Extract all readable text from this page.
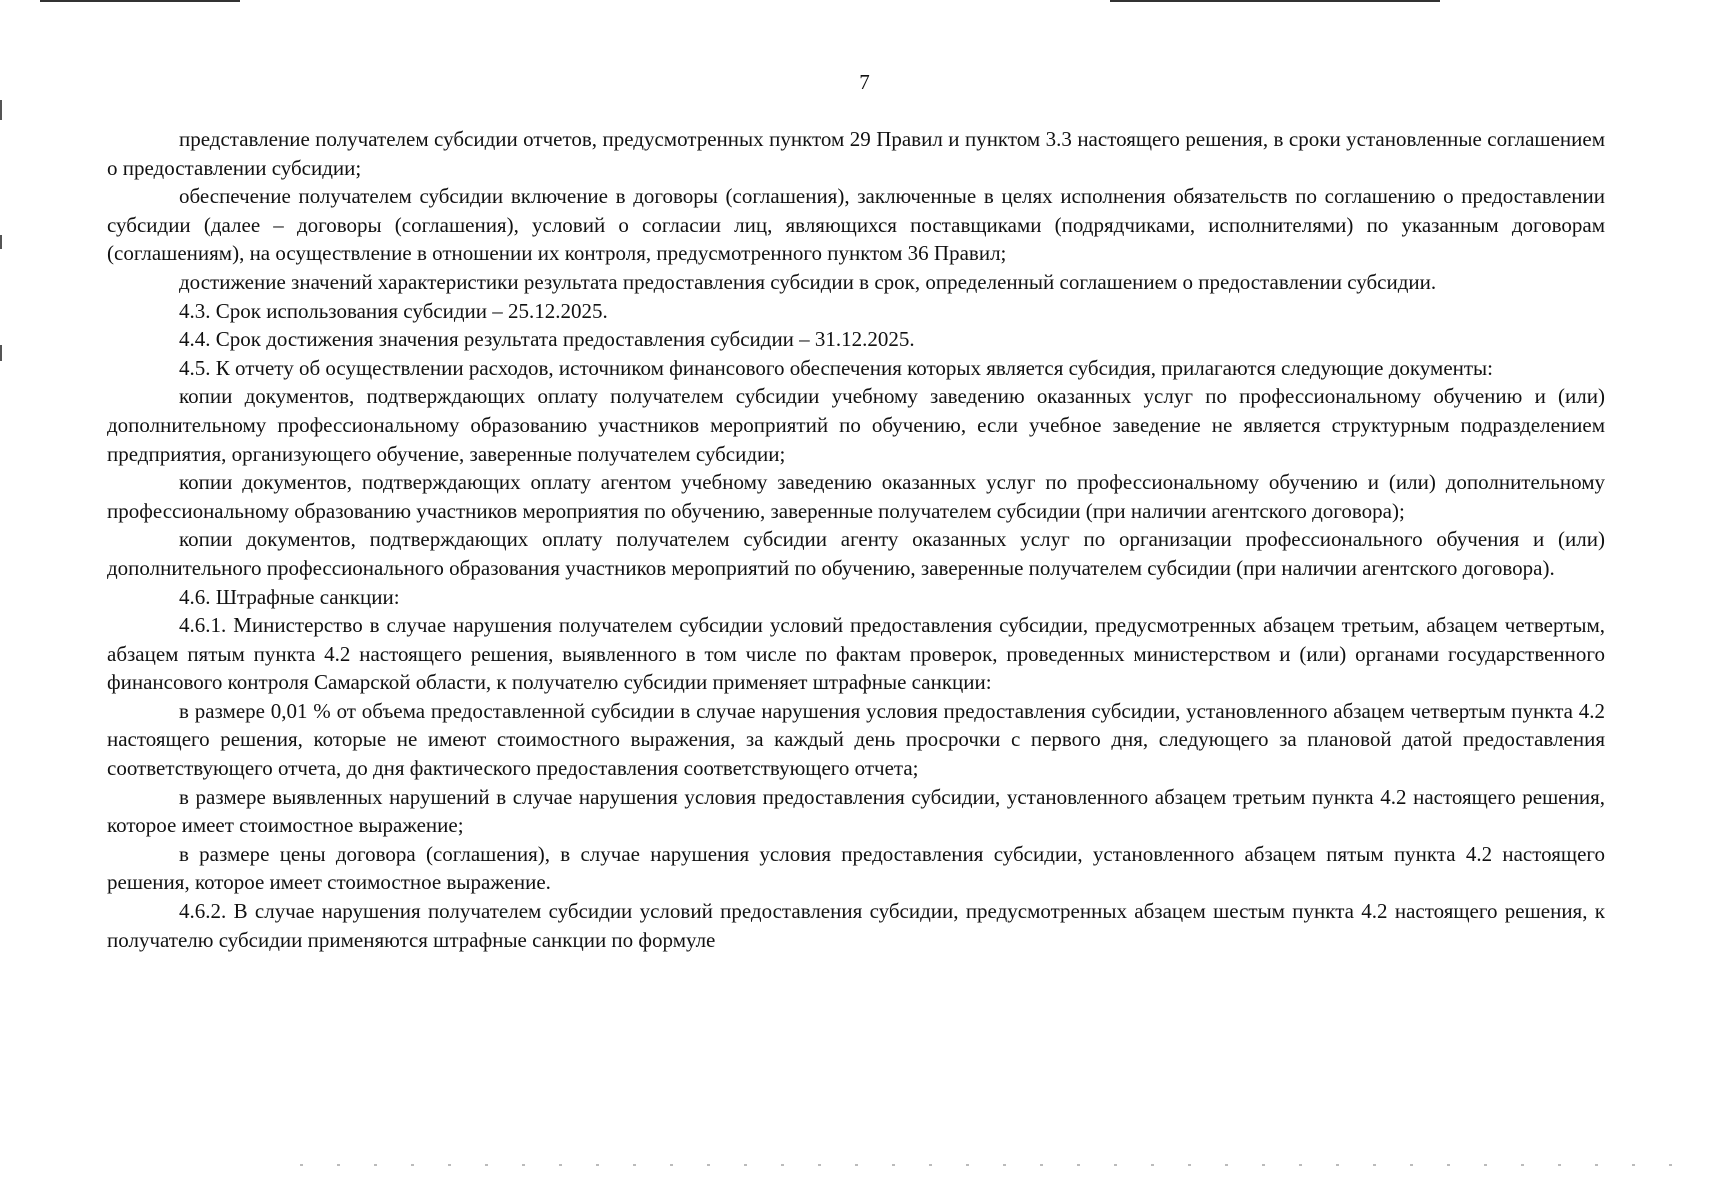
7

представление получателем субсидии отчетов, предусмотренных пунктом 29 Правил и пунктом 3.3 настоящего решения, в сроки установленные соглашением о предоставлении субсидии;

обеспечение получателем субсидии включение в договоры (соглашения), заключенные в целях исполнения обязательств по соглашению о предоставлении субсидии (далее – договоры (соглашения), условий о согласии лиц, являющихся поставщиками (подрядчиками, исполнителями) по указанным договорам (соглашениям), на осуществление в отношении их контроля, предусмотренного пунктом 36 Правил;

достижение значений характеристики результата предоставления субсидии в срок, определенный соглашением о предоставлении субсидии.

4.3. Срок использования субсидии – 25.12.2025.

4.4. Срок достижения значения результата предоставления субсидии – 31.12.2025.

4.5. К отчету об осуществлении расходов, источником финансового обеспечения которых является субсидия, прилагаются следующие документы:

копии документов, подтверждающих оплату получателем субсидии учебному заведению оказанных услуг по профессиональному обучению и (или) дополнительному профессиональному образованию участников мероприятий по обучению, если учебное заведение не является структурным подразделением предприятия, организующего обучение, заверенные получателем субсидии;

копии документов, подтверждающих оплату агентом учебному заведению оказанных услуг по профессиональному обучению и (или) дополнительному профессиональному образованию участников мероприятия по обучению, заверенные получателем субсидии (при наличии агентского договора);

копии документов, подтверждающих оплату получателем субсидии агенту оказанных услуг по организации профессионального обучения и (или) дополнительного профессионального образования участников мероприятий по обучению, заверенные получателем субсидии (при наличии агентского договора).

4.6. Штрафные санкции:

4.6.1. Министерство в случае нарушения получателем субсидии условий предоставления субсидии, предусмотренных абзацем третьим, абзацем четвертым, абзацем пятым пункта 4.2 настоящего решения, выявленного в том числе по фактам проверок, проведенных министерством и (или) органами государственного финансового контроля Самарской области, к получателю субсидии применяет штрафные санкции:

в размере 0,01 % от объема предоставленной субсидии в случае нарушения условия предоставления субсидии, установленного абзацем четвертым пункта 4.2 настоящего решения, которые не имеют стоимостного выражения, за каждый день просрочки с первого дня, следующего за плановой датой предоставления соответствующего отчета, до дня фактического предоставления соответствующего отчета;

в размере выявленных нарушений в случае нарушения условия предоставления субсидии, установленного абзацем третьим пункта 4.2 настоящего решения, которое имеет стоимостное выражение;

в размере цены договора (соглашения), в случае нарушения условия предоставления субсидии, установленного абзацем пятым пункта 4.2 настоящего решения, которое имеет стоимостное выражение.

4.6.2. В случае нарушения получателем субсидии условий предоставления субсидии, предусмотренных абзацем шестым пункта 4.2 настоящего решения, к получателю субсидии применяются штрафные санкции по формуле
